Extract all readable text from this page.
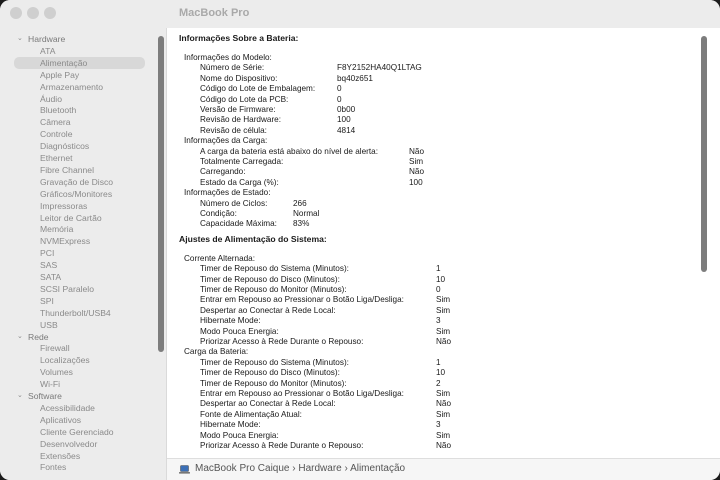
MacBook Pro
⌄ Hardware
ATA
Alimentação
Apple Pay
Armazenamento
Áudio
Bluetooth
Câmera
Controle
Diagnósticos
Ethernet
Fibre Channel
Gravação de Disco
Gráficos/Monitores
Impressoras
Leitor de Cartão
Memória
NVMExpress
PCI
SAS
SATA
SCSI Paralelo
SPI
Thunderbolt/USB4
USB
⌄ Rede
Firewall
Localizações
Volumes
Wi-Fi
⌄ Software
Acessibilidade
Aplicativos
Cliente Gerenciado
Desenvolvedor
Extensões
Fontes
Informações Sobre a Bateria:
Informações do Modelo:
Número de Série:	F8Y2152HA40Q1LTAG
Nome do Dispositivo:	bq40z651
Código do Lote de Embalagem:	0
Código do Lote da PCB:	0
Versão de Firmware:	0b00
Revisão de Hardware:	100
Revisão de célula:	4814
Informações da Carga:
A carga da bateria está abaixo do nível de alerta:	Não
Totalmente Carregada:	Sim
Carregando:	Não
Estado da Carga (%):	100
Informações de Estado:
Número de Ciclos:	266
Condição:	Normal
Capacidade Máxima: 83%
Ajustes de Alimentação do Sistema:
Corrente Alternada:
Timer de Repouso do Sistema (Minutos):	1
Timer de Repouso do Disco (Minutos):	10
Timer de Repouso do Monitor (Minutos):	0
Entrar em Repouso ao Pressionar o Botão Liga/Desliga:	Sim
Despertar ao Conectar à Rede Local:	Sim
Hibernate Mode:	3
Modo Pouca Energia:	Sim
Priorizar Acesso à Rede Durante o Repouso:	Não
Carga da Bateria:
Timer de Repouso do Sistema (Minutos):	1
Timer de Repouso do Disco (Minutos):	10
Timer de Repouso do Monitor (Minutos):	2
Entrar em Repouso ao Pressionar o Botão Liga/Desliga:	Sim
Despertar ao Conectar à Rede Local:	Não
Fonte de Alimentação Atual:	Sim
Hibernate Mode:	3
Modo Pouca Energia:	Sim
Priorizar Acesso à Rede Durante o Repouso:	Não
MacBook Pro Caique › Hardware › Alimentação
